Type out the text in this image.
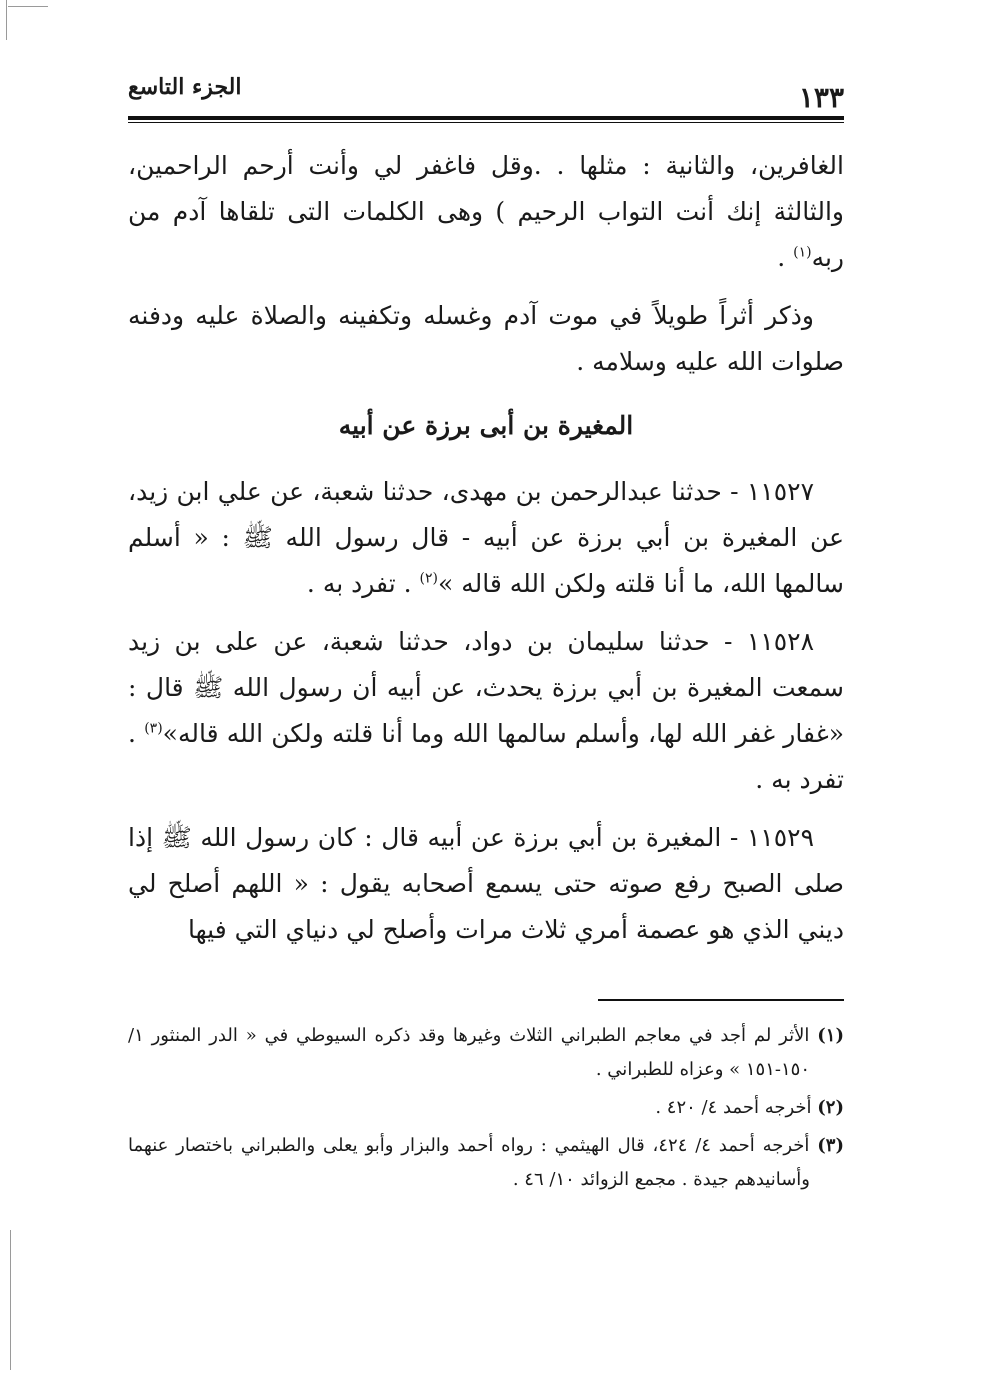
١٣٣
الجزء التاسع

الغافرين، والثانية : مثلها . .وقل فاغفر لي وأنت أرحم الراحمين، والثالثة إنك أنت التواب الرحيم ) وهى الكلمات التى تلقاها آدم من ربه$^{(١)}$ .

وذكر أثراً طويلاً في موت آدم وغسله وتكفينه والصلاة عليه ودفنه صلوات الله عليه وسلامه .

المغيرة بن أبى برزة عن أبيه

١١٥٢٧ - حدثنا عبدالرحمن بن مهدى، حدثنا شعبة، عن علي ابن زيد، عن المغيرة بن أبي برزة عن أبيه - قال رسول الله ﷺ : « أسلم سالمها الله، ما أنا قلته ولكن الله قاله »$^{(٢)}$ . تفرد به .

١١٥٢٨ - حدثنا سليمان بن دواد، حدثنا شعبة، عن على بن زيد سمعت المغيرة بن أبي برزة يحدث، عن أبيه أن رسول الله ﷺ قال : «غفار غفر الله لها، وأسلم سالمها الله وما أنا قلته ولكن الله قاله»$^{(٣)}$ . تفرد به .

١١٥٢٩ - المغيرة بن أبي برزة عن أبيه قال : كان رسول الله ﷺ إذا صلى الصبح رفع صوته حتى يسمع أصحابه يقول : « اللهم أصلح لي ديني الذي هو عصمة أمري ثلاث مرات وأصلح لي دنياي التي فيها

(١) الأثر لم أجد في معاجم الطبراني الثلاث وغيرها وقد ذكره السيوطي في « الدر المنثور ١/ ١٥٠-١٥١ » وعزاه للطبراني .

(٢) أخرجه أحمد ٤/ ٤٢٠ .

(٣) أخرجه أحمد ٤/ ٤٢٤، قال الهيثمي : رواه أحمد والبزار وأبو يعلى والطبراني باختصار عنهما وأسانيدهم جيدة . مجمع الزوائد ١٠/ ٤٦ .
